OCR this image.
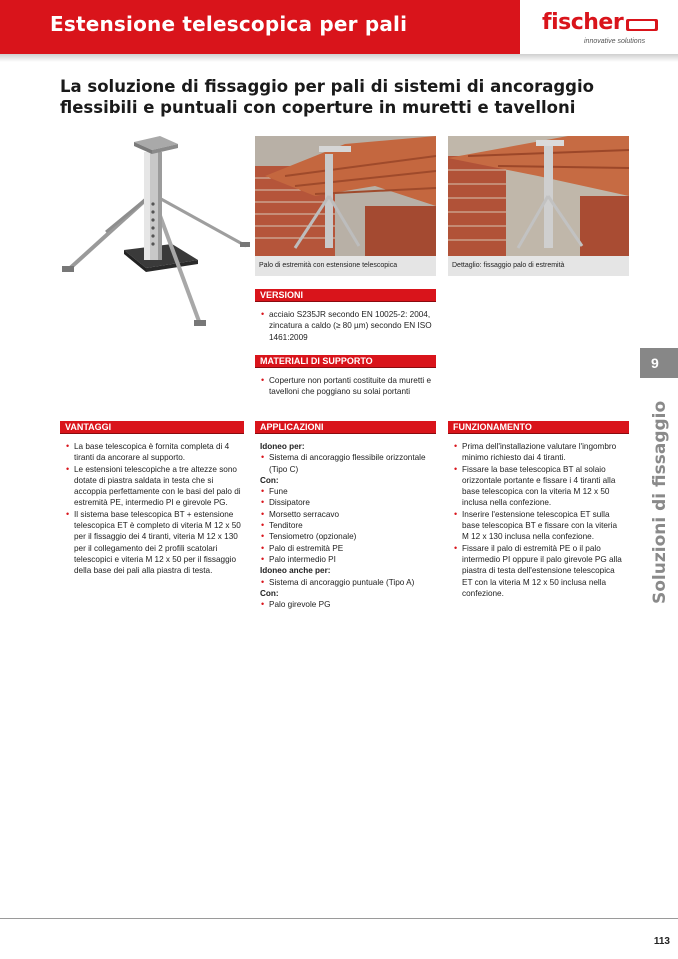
Estensione telescopica per pali	fischer
innovative solutions
La soluzione di fissaggio per pali di sistemi di ancoraggio flessibili e puntuali con coperture in muretti e tavelloni
Palo di estremità con estensione telescopica	Dettaglio: fissaggio palo di estremità
VERSIONI
• acciaio S235JR secondo EN 10025-2: 2004, zincatura a caldo (≥ 80 µm) secondo EN ISO 1461:2009
MATERIALI DI SUPPORTO
• Coperture non portanti costituite da muretti e tavelloni che poggiano su solai portanti
VANTAGGI
• La base telescopica è fornita completa di 4 tiranti da ancorare al supporto.
• Le estensioni telescopiche a tre altezze sono dotate di piastra saldata in testa che si accoppia perfettamente con le basi del palo di estremità PE, intermedio PI e girevole PG.
• Il sistema base telescopica BT + estensione telescopica ET è completo di viteria M 12 x 50 per il fissaggio dei 4 tiranti, viteria M 12 x 130 per il collegamento dei 2 profili scatolari telescopici e viteria M 12 x 50 per il fissaggio della base dei pali alla piastra di testa.
APPLICAZIONI
Idoneo per:
• Sistema di ancoraggio flessibile orizzontale (Tipo C)
Con:
• Fune
• Dissipatore
• Morsetto serracavo
• Tenditore
• Tensiometro (opzionale)
• Palo di estremità PE
• Palo intermedio PI
Idoneo anche per:
• Sistema di ancoraggio puntuale (Tipo A)
Con:
• Palo girevole PG
FUNZIONAMENTO
• Prima dell'installazione valutare l'ingombro minimo richiesto dai 4 tiranti.
• Fissare la base telescopica BT al solaio orizzontale portante e fissare i 4 tiranti alla base telescopica con la viteria M 12 x 50 inclusa nella confezione.
• Inserire l'estensione telescopica ET sulla base telescopica BT e fissare con la viteria M 12 x 130 inclusa nella confezione.
• Fissare il palo di estremità PE o il palo intermedio PI oppure il palo girevole PG alla piastra di testa dell'estensione telescopica ET con la viteria M 12 x 50 inclusa nella confezione.
9
Soluzioni di fissaggio
113
